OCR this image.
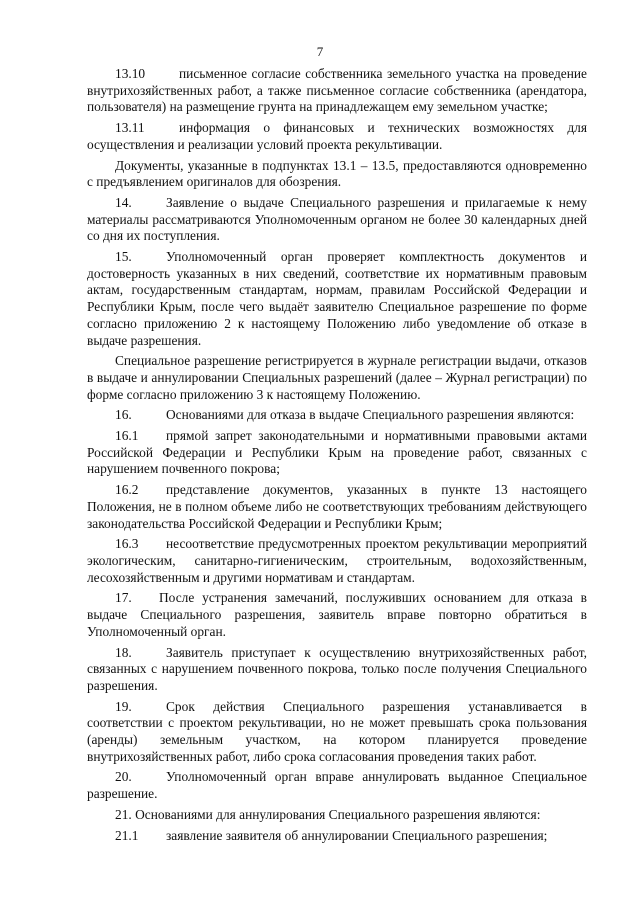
7

13.10	письменное согласие собственника земельного участка на проведение внутрихозяйственных работ, а также письменное согласие собственника (арендатора, пользователя) на размещение грунта на принадлежащем ему земельном участке;

13.11	информация о финансовых и технических возможностях для осуществления и реализации условий проекта рекультивации.

Документы, указанные в подпунктах 13.1 – 13.5, предоставляются одновременно с предъявлением оригиналов для обозрения.

14.	Заявление о выдаче Специального разрешения и прилагаемые к нему материалы рассматриваются Уполномоченным органом не более 30 календарных дней со дня их поступления.

15.	Уполномоченный орган проверяет комплектность документов и достоверность указанных в них сведений, соответствие их нормативным правовым актам, государственным стандартам, нормам, правилам Российской Федерации и Республики Крым, после чего выдаёт заявителю Специальное разрешение по форме согласно приложению 2 к настоящему Положению либо уведомление об отказе в выдаче разрешения.

Специальное разрешение регистрируется в журнале регистрации выдачи, отказов в выдаче и аннулировании Специальных разрешений (далее – Журнал регистрации) по форме согласно приложению 3 к настоящему Положению.

16.	Основаниями для отказа в выдаче Специального разрешения являются:

16.1 прямой запрет законодательными и нормативными правовыми актами Российской Федерации и Республики Крым на проведение работ, связанных с нарушением почвенного покрова;

16.2 представление документов, указанных в пункте 13 настоящего Положения, не в полном объеме либо не соответствующих требованиям действующего законодательства Российской Федерации и Республики Крым;

16.3 несоответствие предусмотренных проектом рекультивации мероприятий экологическим, санитарно-гигиеническим, строительным, водохозяйственным, лесохозяйственным и другими нормативам и стандартам.

17. После устранения замечаний, послуживших основанием для отказа в выдаче Специального разрешения, заявитель вправе повторно обратиться в Уполномоченный орган.

18.	Заявитель приступает к осуществлению внутрихозяйственных работ, связанных с нарушением почвенного покрова, только после получения Специального разрешения.

19.	Срок действия Специального разрешения устанавливается в соответствии с проектом рекультивации, но не может превышать срока пользования (аренды) земельным участком, на котором планируется проведение внутрихозяйственных работ, либо срока согласования проведения таких работ.

20.	Уполномоченный орган вправе аннулировать выданное Специальное разрешение.

21. Основаниями для аннулирования Специального разрешения являются:

21.1 заявление заявителя об аннулировании Специального разрешения;
